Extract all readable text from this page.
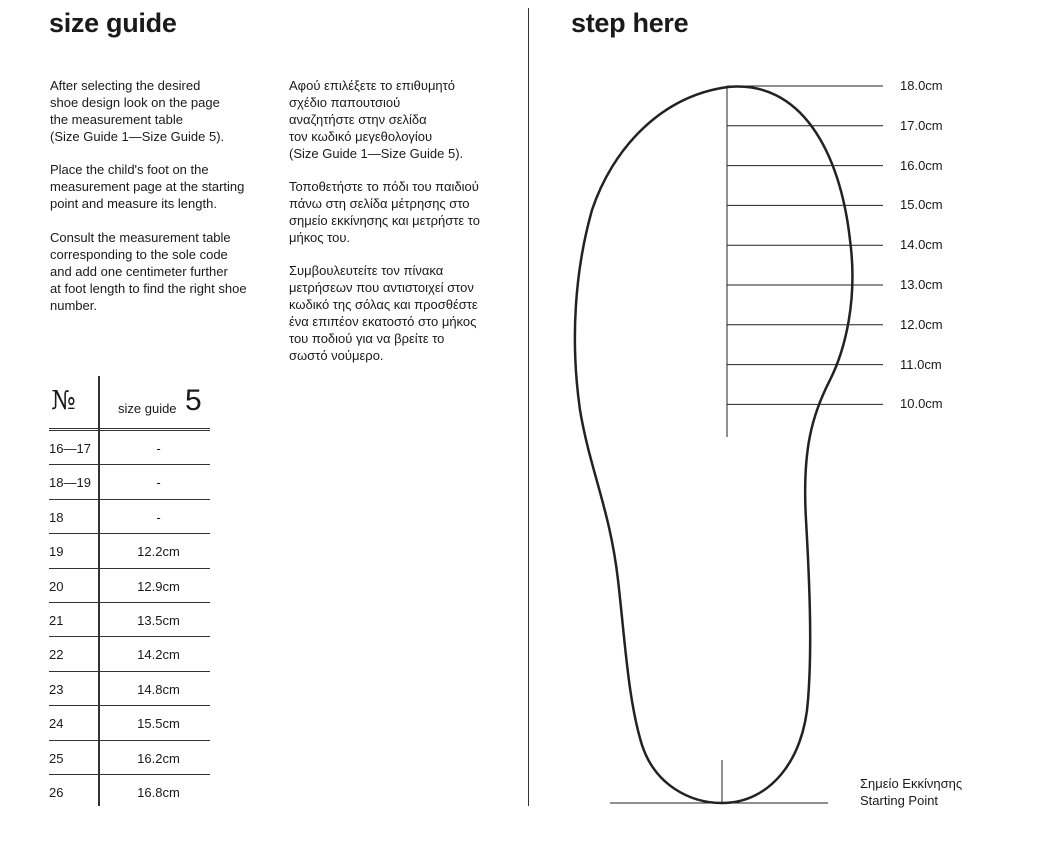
size guide	step here
After selecting the desired
shoe design look on the page
the measurement table
(Size Guide 1—Size Guide 5).
Place the child's foot on the
measurement page at the starting
point and measure its length.
Consult the measurement table
corresponding to the sole code
and add one centimeter further
at foot length to find the right shoe
number.
Αφού επιλέξετε το επιθυμητό
σχέδιο παπουτσιού
αναζητήστε στην σελίδα
τον κωδικό μεγεθολογίου
(Size Guide 1—Size Guide 5).
Τοποθετήστε το πόδι του παιδιού
πάνω στη σελίδα μέτρησης στο
σημείο εκκίνησης και μετρήστε το
μήκος του.
Συμβουλευτείτε τον πίνακα
μετρήσεων που αντιστοιχεί στον
κωδικό της σόλας και προσθέστε
ένα επιπέον εκατοστό στο μήκος
του ποδιού για να βρείτε το
σωστό νούμερο.
№	size guide 5
16—17	-
18—19	-
18	-
19	12.2cm
20	12.9cm
21	13.5cm
22	14.2cm
23	14.8cm
24	15.5cm
25	16.2cm
26	16.8cm
18.0cm
17.0cm
16.0cm
15.0cm
14.0cm
13.0cm
12.0cm
11.0cm
10.0cm
Σημείο Εκκίνησης
Starting Point
